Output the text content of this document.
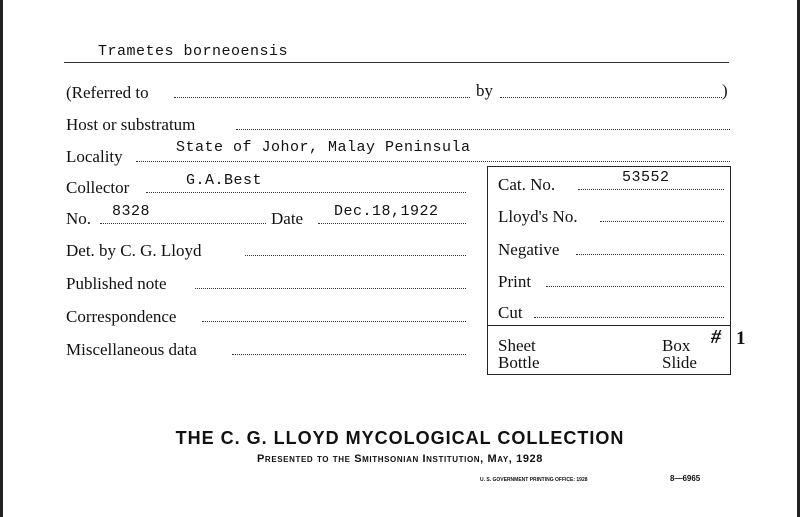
Trametes borneoensis
(Referred to	by	)
Host or substratum
Locality	State of Johor, Malay Peninsula
Collector	G.A.Best
No. 8328	Date Dec.18,1922
Det. by C. G. Lloyd
Published note
Correspondence
Miscellaneous data
Cat. No.	53552
Lloyd's No.
Negative
Print
Cut
Sheet	Box # 1
Bottle	Slide
THE C. G. LLOYD MYCOLOGICAL COLLECTION
Presented to the Smithsonian Institution, May, 1928
U. S. GOVERNMENT PRINTING OFFICE: 1928	8—6965
